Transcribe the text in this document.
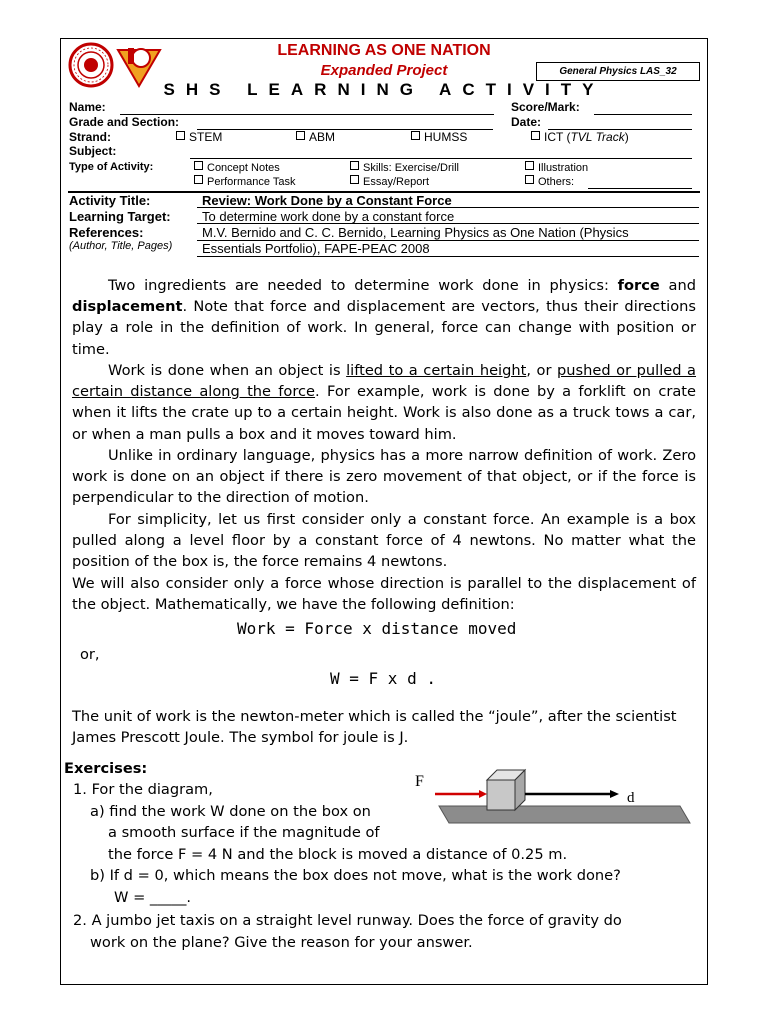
LEARNING AS ONE NATION
Expanded Project
SHS LEARNING ACTIVITY
General Physics LAS_32
Name:	Score/Mark:
Grade and Section:	Date:
Strand:	STEM	ABM	HUMSS	ICT (TVL Track)
Subject:
Type of Activity:	Concept Notes	Skills: Exercise/Drill	Illustration
Performance Task	Essay/Report	Others:
Activity Title:	Review: Work Done by a Constant Force
Learning Target: To determine work done by a constant force
References:
(Author, Title, Pages)
M.V. Bernido and C. C. Bernido, Learning Physics as One Nation (Physics
Essentials Portfolio), FAPE-PEAC 2008

Two ingredients are needed to determine work done in physics: force and displacement. Note that force and displacement are vectors, thus their directions play a role in the definition of work. In general, force can change with position or time.

Work is done when an object is lifted to a certain height, or pushed or pulled a certain distance along the force. For example, work is done by a forklift on crate when it lifts the crate up to a certain height. Work is also done as a truck tows a car, or when a man pulls a box and it moves toward him.

Unlike in ordinary language, physics has a more narrow definition of work. Zero work is done on an object if there is zero movement of that object, or if the force is perpendicular to the direction of motion.

For simplicity, let us first consider only a constant force. An example is a box pulled along a level floor by a constant force of 4 newtons. No matter what the position of the box is, the force remains 4 newtons.

We will also consider only a force whose direction is parallel to the displacement of the object. Mathematically, we have the following definition:

Work = Force x distance moved
or,
W = F x d .

The unit of work is the newton-meter which is called the “joule”, after the scientist James Prescott Joule. The symbol for joule is J.

Exercises:
1. For the diagram,
a) find the work W done on the box on
a smooth surface if the magnitude of
the force F = 4 N and the block is moved a distance of 0.25 m.
b) If d = 0, which means the box does not move, what is the work done?
W = _____.
2. A jumbo jet taxis on a straight level runway. Does the force of gravity do
work on the plane? Give the reason for your answer.
F
d
